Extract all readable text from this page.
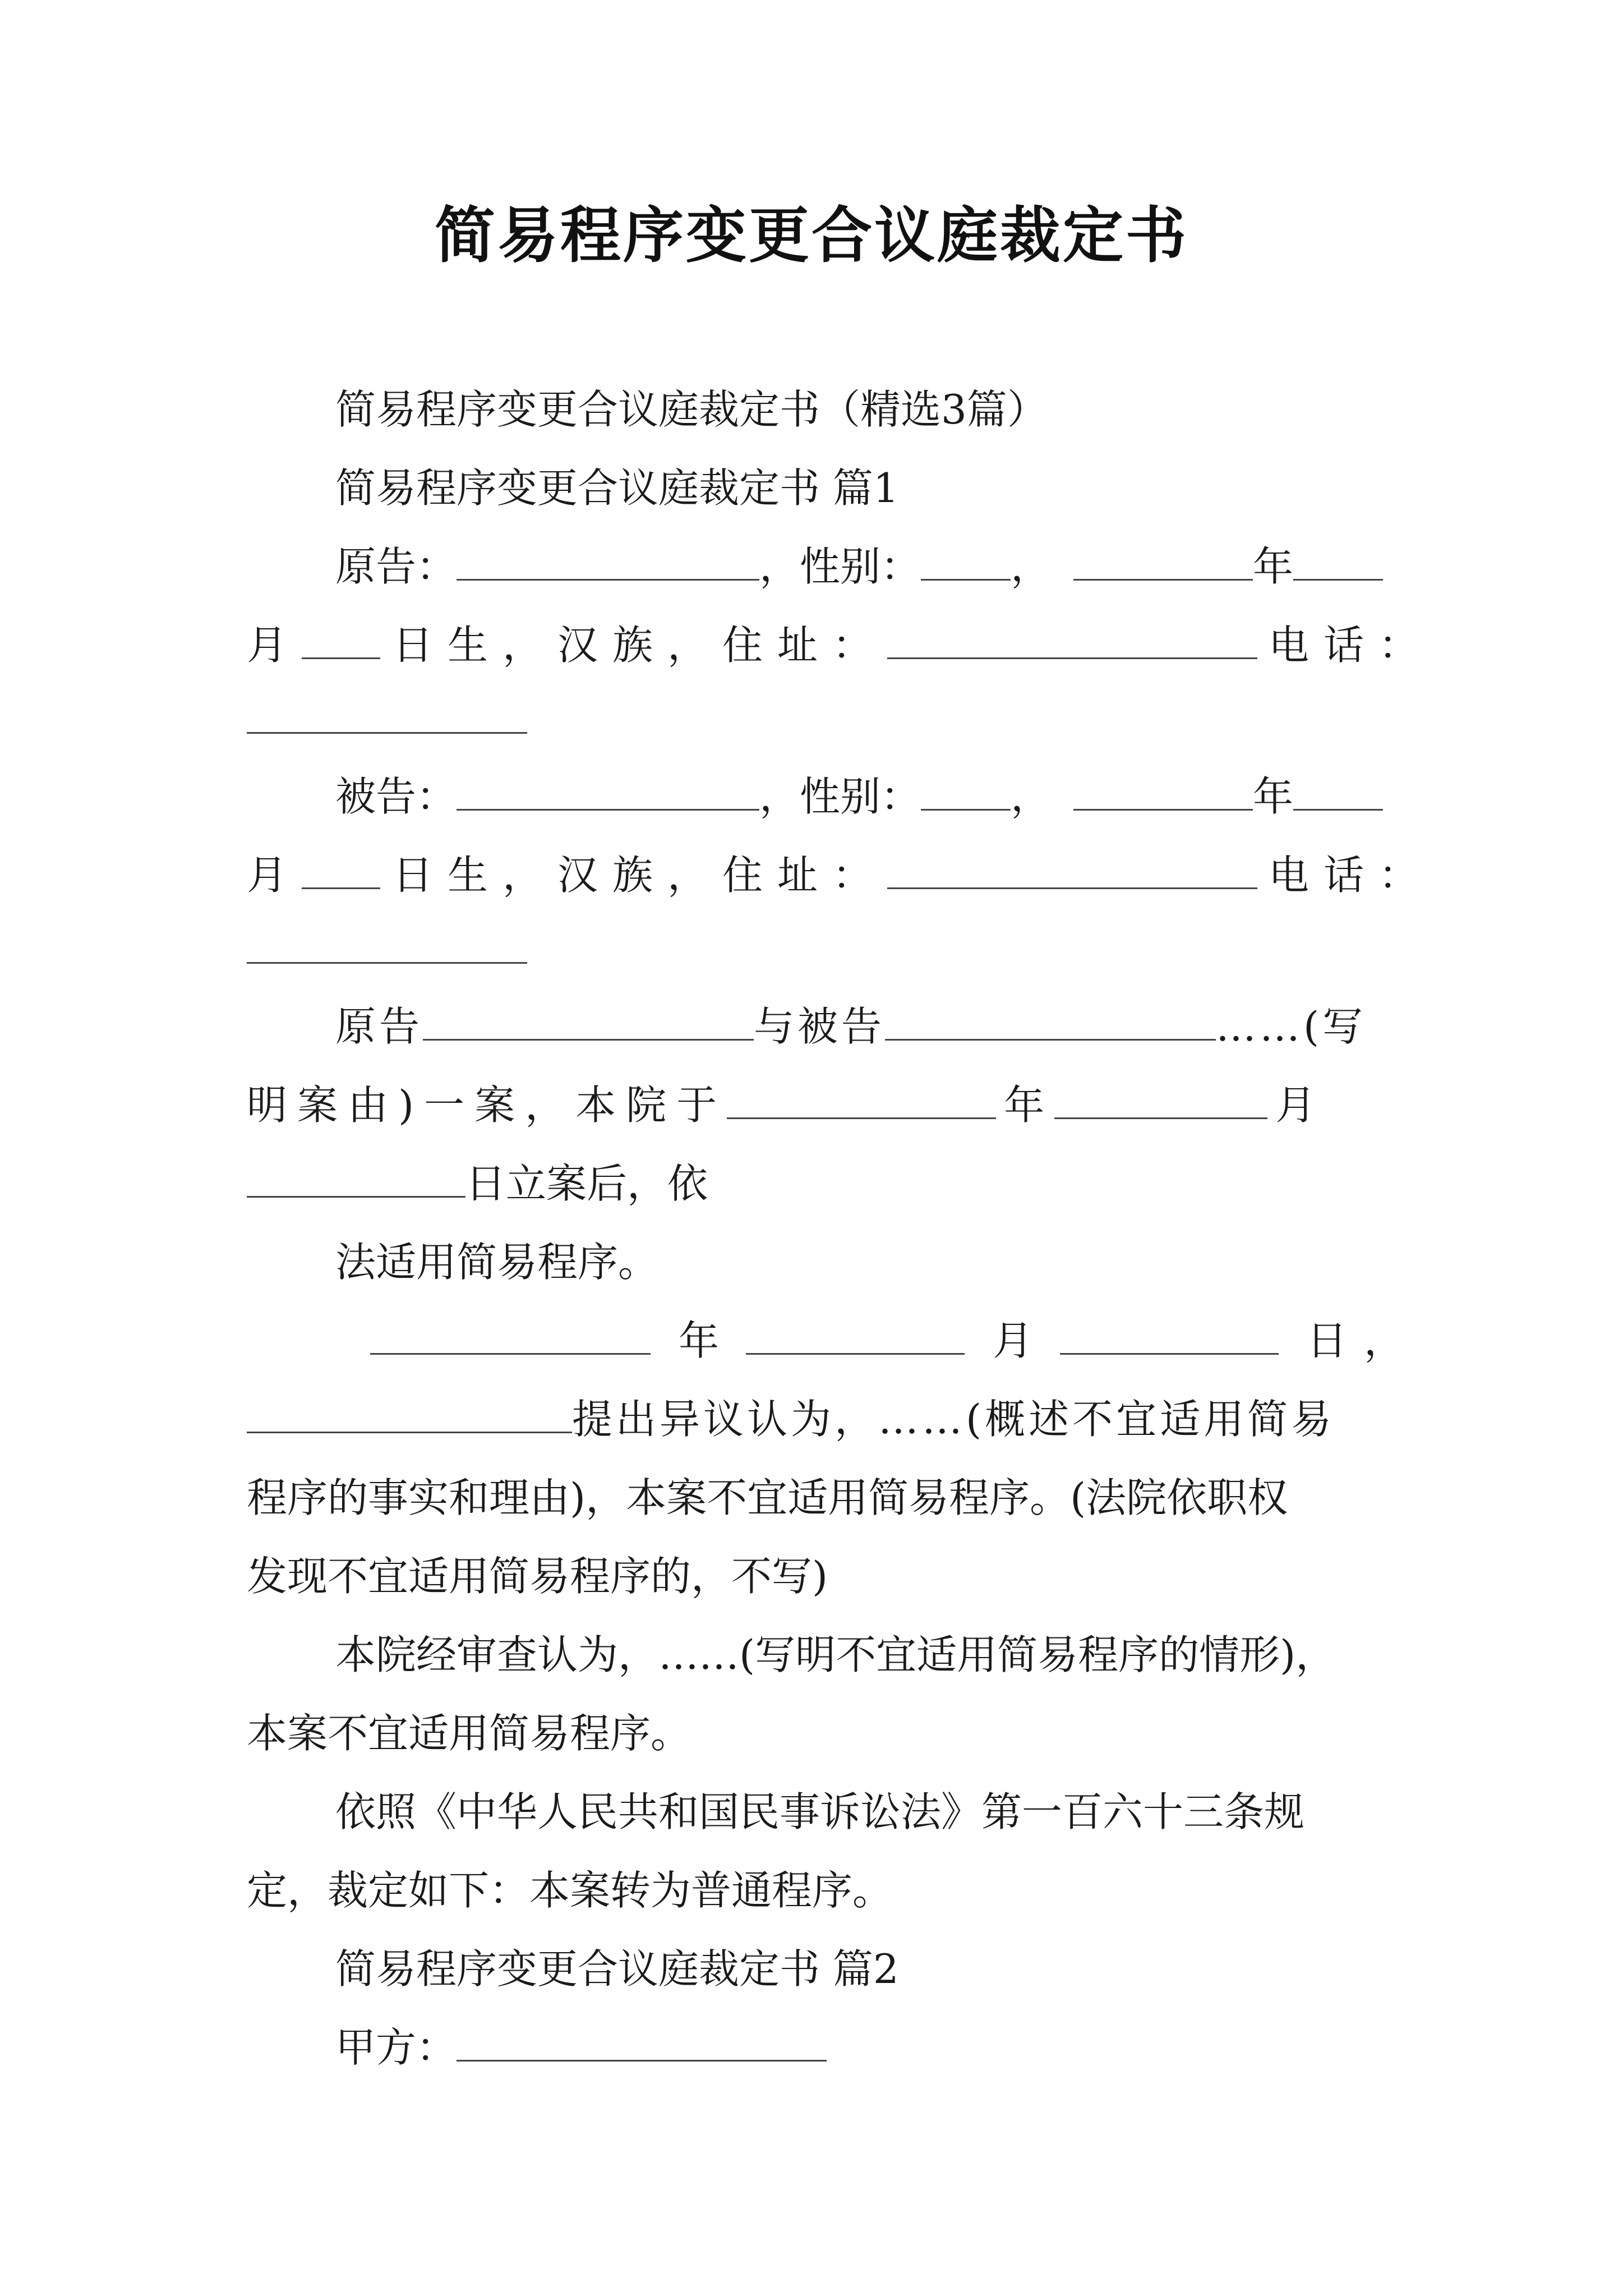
简易程序变更合议庭裁定书
简易程序变更合议庭裁定书（精选3篇）
简易程序变更合议庭裁定书 篇1
原告：	，性别： ，	年
月 日生，汉族，住址：	电话：
被告：	，性别： ，	年
月 日生，汉族，住址：	电话：
原告	与被告	……(写
明案由)一案，本院于	年	月
日立案后，依
法适用简易程序。
年	月	日，
提出异议认为，……(概述不宜适用简易
程序的事实和理由)，本案不宜适用简易程序。(法院依职权
发现不宜适用简易程序的，不写)
本院经审查认为，……(写明不宜适用简易程序的情形)，
本案不宜适用简易程序。
依照《中华人民共和国民事诉讼法》第一百六十三条规
定，裁定如下：本案转为普通程序。
简易程序变更合议庭裁定书 篇2
甲方：
